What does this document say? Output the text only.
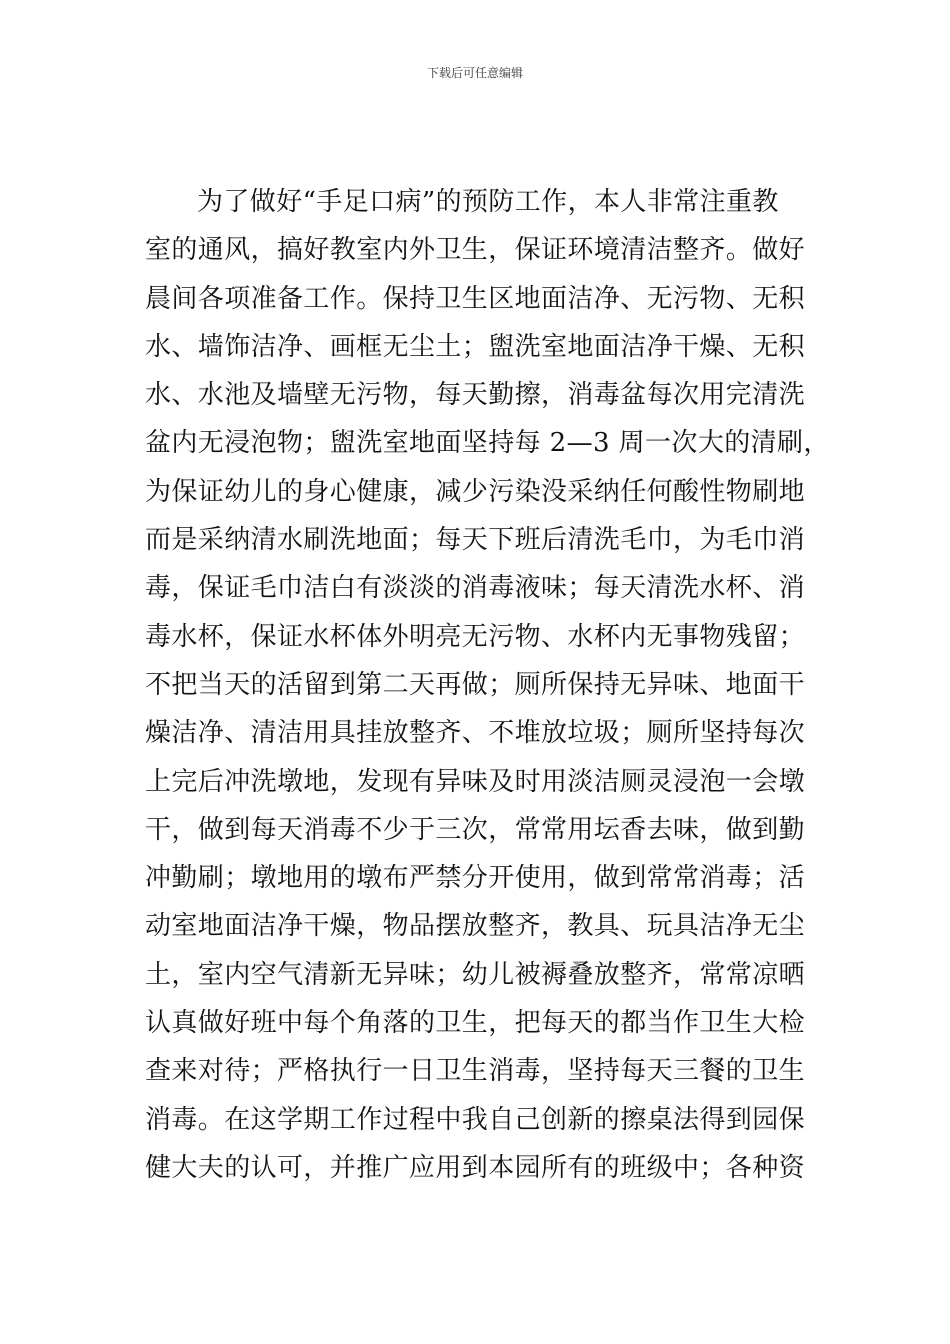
下载后可任意编辑
为了做好“手足口病”的预防工作，本人非常注重教
室的通风，搞好教室内外卫生，保证环境清洁整齐。做好
晨间各项准备工作。保持卫生区地面洁净、无污物、无积
水、墙饰洁净、画框无尘土；盥洗室地面洁净干燥、无积
水、水池及墙壁无污物，每天勤擦，消毒盆每次用完清洗
盆内无浸泡物；盥洗室地面坚持每 2—3 周一次大的清刷，
为保证幼儿的身心健康，减少污染没采纳任何酸性物刷地
而是采纳清水刷洗地面；每天下班后清洗毛巾，为毛巾消
毒，保证毛巾洁白有淡淡的消毒液味；每天清洗水杯、消
毒水杯，保证水杯体外明亮无污物、水杯内无事物残留；
不把当天的活留到第二天再做；厕所保持无异味、地面干
燥洁净、清洁用具挂放整齐、不堆放垃圾；厕所坚持每次
上完后冲洗墩地，发现有异味及时用淡洁厕灵浸泡一会墩
干，做到每天消毒不少于三次，常常用坛香去味，做到勤
冲勤刷；墩地用的墩布严禁分开使用，做到常常消毒；活
动室地面洁净干燥，物品摆放整齐，教具、玩具洁净无尘
土，室内空气清新无异味；幼儿被褥叠放整齐，常常凉晒
认真做好班中每个角落的卫生，把每天的都当作卫生大检
查来对待；严格执行一日卫生消毒，坚持每天三餐的卫生
消毒。在这学期工作过程中我自己创新的擦桌法得到园保
健大夫的认可，并推广应用到本园所有的班级中；各种资
